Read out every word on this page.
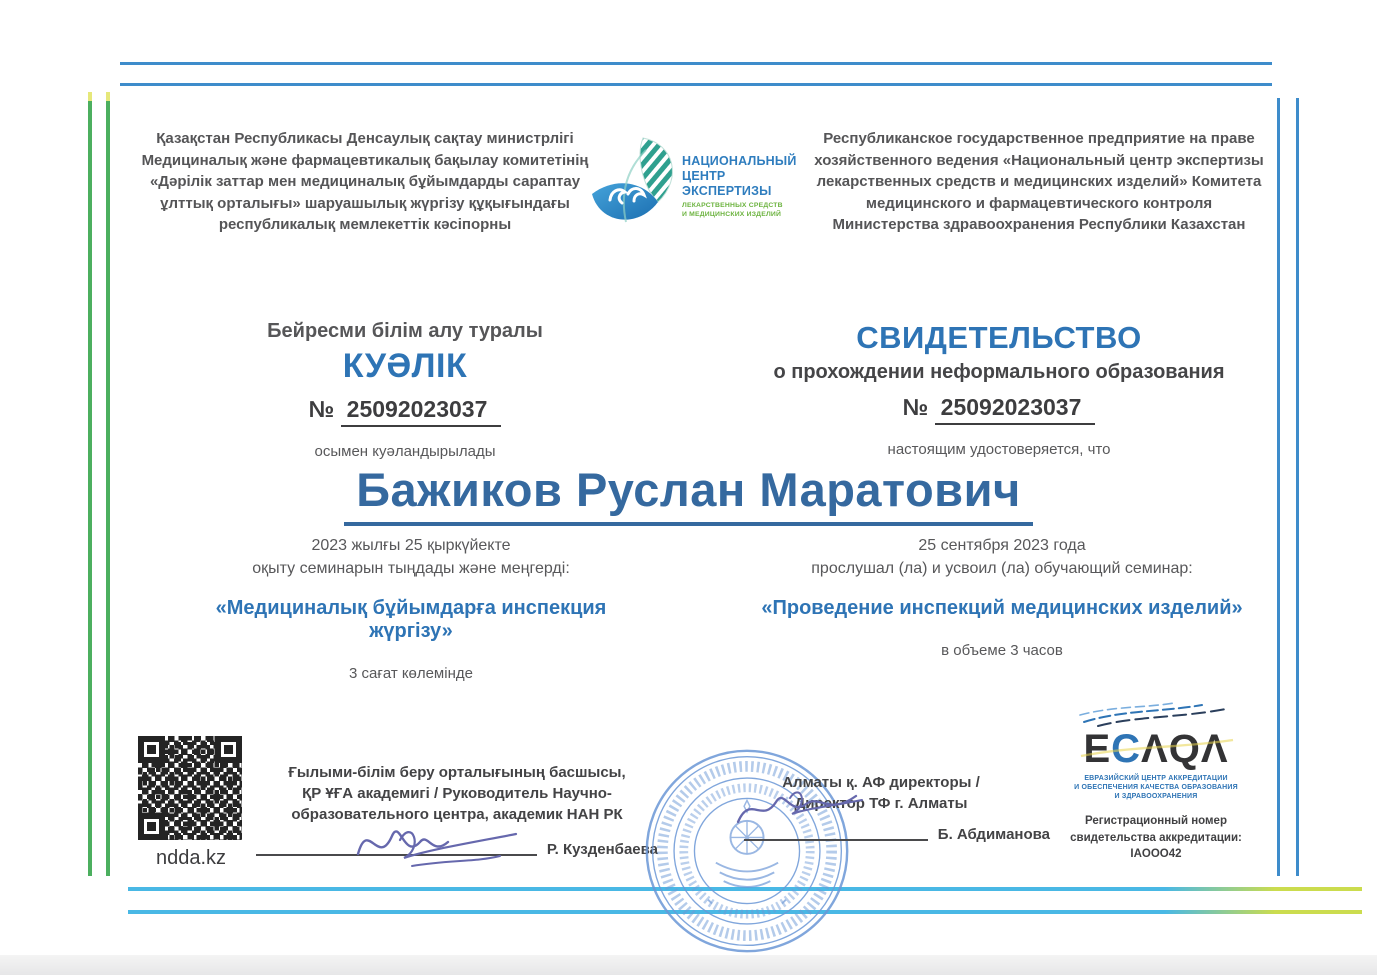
Қазақстан Республикасы Денсаулық сақтау министрлігі
Медициналық және фармацевтикалық бақылау комитетінің
«Дәрілік заттар мен медициналық бұйымдарды сараптау
ұлттық орталығы» шаруашылық жүргізу құқығындағы
республикалық мемлекеттік кәсіпорны
НАЦИОНАЛЬНЫЙ
ЦЕНТР ЭКСПЕРТИЗЫ
ЛЕКАРСТВЕННЫХ СРЕДСТВ
И МЕДИЦИНСКИХ ИЗДЕЛИЙ
Республиканское государственное предприятие на праве
хозяйственного ведения «Национальный центр экспертизы
лекарственных средств и медицинских изделий» Комитета
медицинского и фармацевтического контроля
Министерства здравоохранения Республики Казахстан
Бейресми білім алу туралы
КУӘЛІК
№ 25092023037
осымен куәландырылады
СВИДЕТЕЛЬСТВО
о прохождении неформального образования
№ 25092023037
настоящим удостоверяется, что
Бажиков Руслан Маратович
2023 жылғы 25 қыркүйекте
оқыту семинарын тыңдады және меңгерді:
«Медициналық бұйымдарға инспекция жүргізу»
3 сағат көлемінде
25 сентября 2023 года
прослушал (ла) и усвоил (ла) обучающий семинар:
«Проведение инспекций медицинских изделий»
в объеме 3 часов
ndda.kz
Ғылыми-білім беру орталығының басшысы,
ҚР ҰҒА академигі / Руководитель Научно-
образовательного центра, академик НАН РК
Р. Кузденбаева
Алматы қ. АФ директоры /
Директор ТФ г. Алматы
Б. Абдиманова
ECΛQΛ
ЕВРАЗИЙСКИЙ ЦЕНТР АККРЕДИТАЦИИ
И ОБЕСПЕЧЕНИЯ КАЧЕСТВА ОБРАЗОВАНИЯ
И ЗДРАВООХРАНЕНИЯ
Регистрационный номер
свидетельства аккредитации:
IAOOO42
